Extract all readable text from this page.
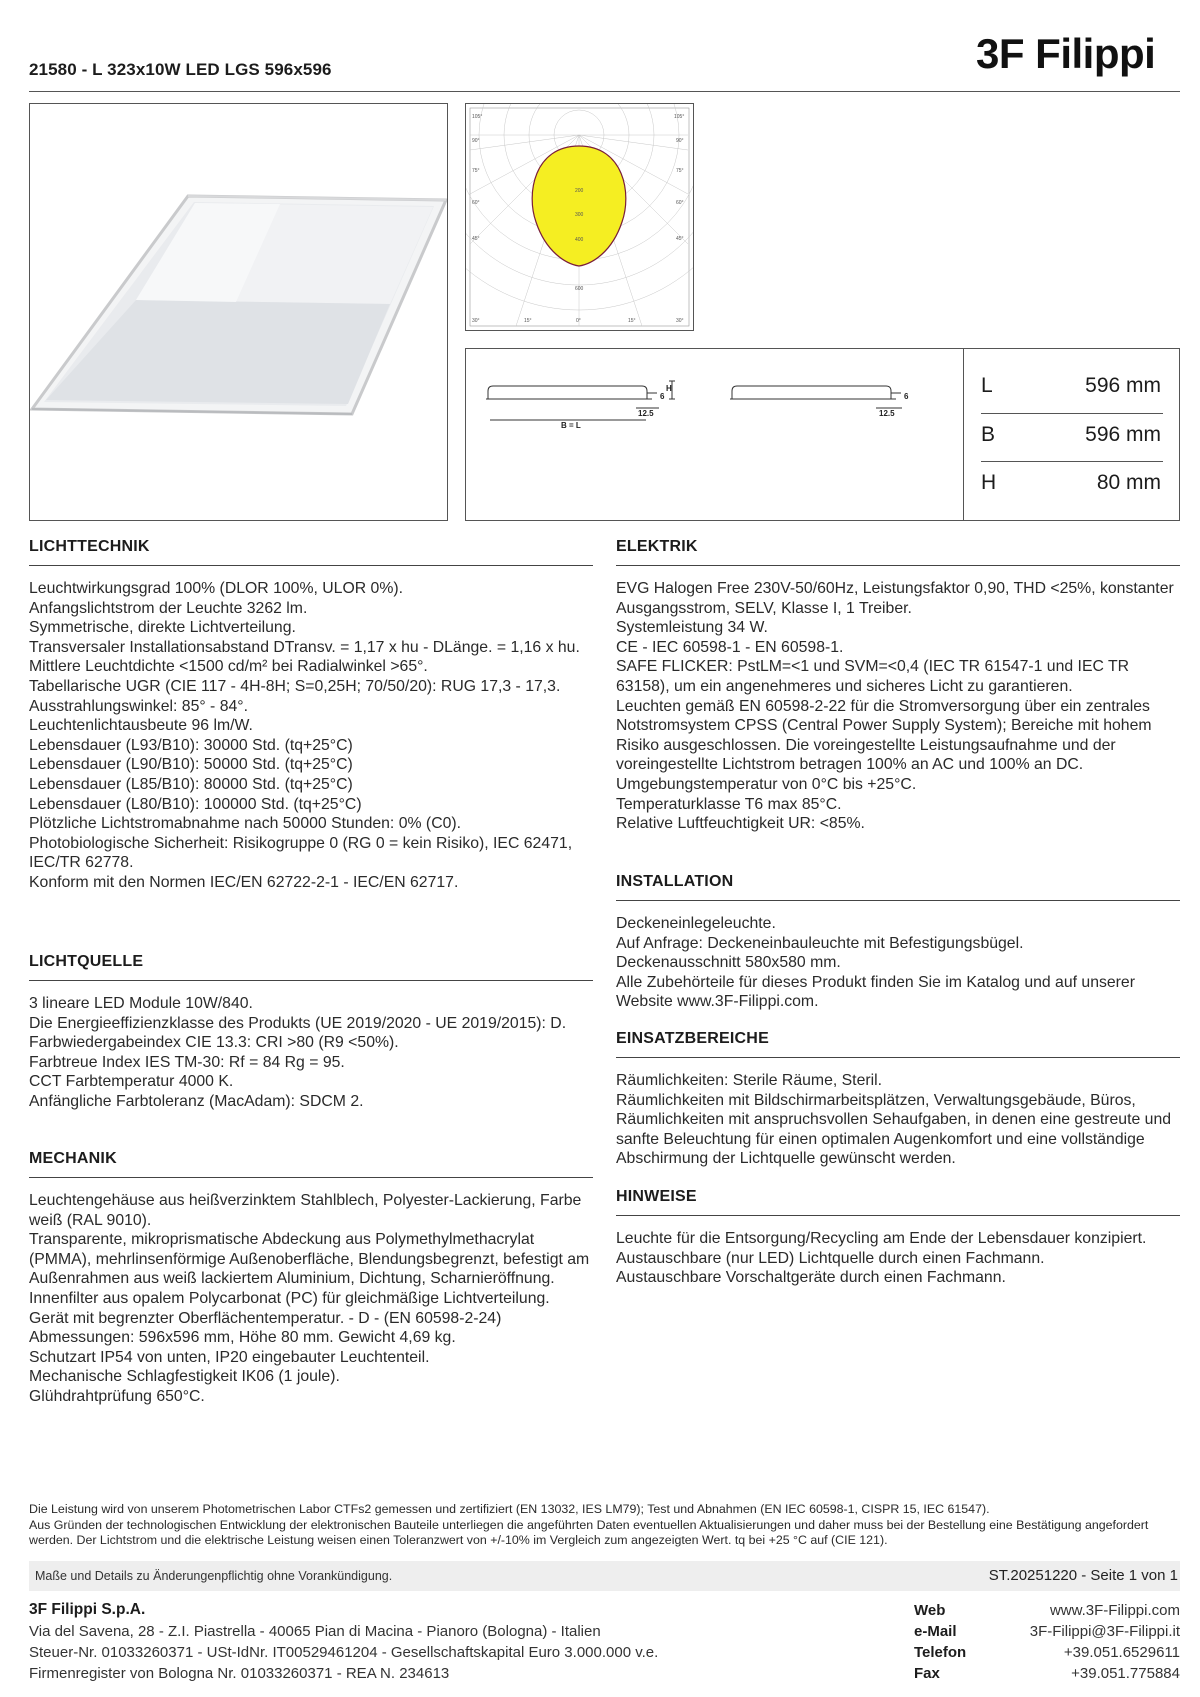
21580 - L 323x10W LED LGS 596x596	3F Filippi
105°	105°
90°
75°
60°
45°
90°
75°
60°
45°
200
300
400
600
30°	15°	0°	15°	30°
H
6
12.5
B = L
6
12.5
L	596 mm
B	596 mm
H	80 mm
LICHTTECHNIK
Leuchtwirkungsgrad 100% (DLOR 100%, ULOR 0%).
Anfangslichtstrom der Leuchte 3262 lm.
Symmetrische, direkte Lichtverteilung.
Transversaler Installationsabstand DTransv. = 1,17 x hu - DLänge. = 1,16 x hu.
Mittlere Leuchtdichte <1500 cd/m² bei Radialwinkel >65°.
Tabellarische UGR (CIE 117 - 4H-8H; S=0,25H; 70/50/20): RUG 17,3 - 17,3.
Ausstrahlungswinkel: 85° - 84°.
Leuchtenlichtausbeute 96 lm/W.
Lebensdauer (L93/B10): 30000 Std. (tq+25°C)
Lebensdauer (L90/B10): 50000 Std. (tq+25°C)
Lebensdauer (L85/B10): 80000 Std. (tq+25°C)
Lebensdauer (L80/B10): 100000 Std. (tq+25°C)
Plötzliche Lichtstromabnahme nach 50000 Stunden: 0% (C0).
Photobiologische Sicherheit: Risikogruppe 0 (RG 0 = kein Risiko), IEC 62471, IEC/TR 62778.
Konform mit den Normen IEC/EN 62722-2-1 - IEC/EN 62717.
LICHTQUELLE
3 lineare LED Module 10W/840.
Die Energieeffizienzklasse des Produkts (UE 2019/2020 - UE 2019/2015): D.
Farbwiedergabeindex CIE 13.3: CRI >80 (R9 <50%).
Farbtreue Index IES TM-30: Rf = 84 Rg = 95.
CCT Farbtemperatur 4000 K.
Anfängliche Farbtoleranz (MacAdam): SDCM 2.
MECHANIK
Leuchtengehäuse aus heißverzinktem Stahlblech, Polyester-Lackierung, Farbe weiß (RAL 9010).
Transparente, mikroprismatische Abdeckung aus Polymethylmethacrylat (PMMA), mehrlinsenförmige Außenoberfläche, Blendungsbegrenzt, befestigt am Außenrahmen aus weiß lackiertem Aluminium, Dichtung, Scharnieröffnung.
Innenfilter aus opalem Polycarbonat (PC) für gleichmäßige Lichtverteilung.
Gerät mit begrenzter Oberflächentemperatur. - D - (EN 60598-2-24)
Abmessungen: 596x596 mm, Höhe 80 mm. Gewicht 4,69 kg.
Schutzart IP54 von unten, IP20 eingebauter Leuchtenteil.
Mechanische Schlagfestigkeit IK06 (1 joule).
Glühdrahtprüfung 650°C.
ELEKTRIK
EVG Halogen Free 230V-50/60Hz, Leistungsfaktor 0,90, THD <25%, konstanter Ausgangsstrom, SELV, Klasse I, 1 Treiber.
Systemleistung 34 W.
CE - IEC 60598-1 - EN 60598-1.
SAFE FLICKER: PstLM=<1 und SVM=<0,4 (IEC TR 61547-1 und IEC TR 63158), um ein angenehmeres und sicheres Licht zu garantieren.
Leuchten gemäß EN 60598-2-22 für die Stromversorgung über ein zentrales Notstromsystem CPSS (Central Power Supply System); Bereiche mit hohem Risiko ausgeschlossen. Die voreingestellte Leistungsaufnahme und der voreingestellte Lichtstrom betragen 100% an AC und 100% an DC.
Umgebungstemperatur von 0°C bis +25°C.
Temperaturklasse T6 max 85°C.
Relative Luftfeuchtigkeit UR: <85%.
INSTALLATION
Deckeneinlegeleuchte.
Auf Anfrage: Deckeneinbauleuchte mit Befestigungsbügel.
Deckenausschnitt 580x580 mm.
Alle Zubehörteile für dieses Produkt finden Sie im Katalog und auf unserer Website www.3F-Filippi.com.
EINSATZBEREICHE
Räumlichkeiten: Sterile Räume, Steril.
Räumlichkeiten mit Bildschirmarbeitsplätzen, Verwaltungsgebäude, Büros, Räumlichkeiten mit anspruchsvollen Sehaufgaben, in denen eine gestreute und sanfte Beleuchtung für einen optimalen Augenkomfort und eine vollständige Abschirmung der Lichtquelle gewünscht werden.
HINWEISE
Leuchte für die Entsorgung/Recycling am Ende der Lebensdauer konzipiert.
Austauschbare (nur LED) Lichtquelle durch einen Fachmann.
Austauschbare Vorschaltgeräte durch einen Fachmann.
Die Leistung wird von unserem Photometrischen Labor CTFs2 gemessen und zertifiziert (EN 13032, IES LM79); Test und Abnahmen (EN IEC 60598-1, CISPR 15, IEC 61547).
Aus Gründen der technologischen Entwicklung der elektronischen Bauteile unterliegen die angeführten Daten eventuellen Aktualisierungen und daher muss bei der Bestellung eine Bestätigung angefordert werden. Der Lichtstrom und die elektrische Leistung weisen einen Toleranzwert von +/-10% im Vergleich zum angezeigten Wert. tq bei +25 °C auf (CIE 121).
Maße und Details zu Änderungenpflichtig ohne Vorankündigung.	ST.20251220 - Seite 1 von 1
3F Filippi S.p.A.
Via del Savena, 28 - Z.I. Piastrella - 40065 Pian di Macina - Pianoro (Bologna) - Italien
Steuer-Nr. 01033260371 - USt-IdNr. IT00529461204 - Gesellschaftskapital Euro 3.000.000 v.e.
Firmenregister von Bologna Nr. 01033260371 - REA N. 234613
Web	www.3F-Filippi.com
e-Mail	3F-Filippi@3F-Filippi.it
Telefon	+39.051.6529611
Fax	+39.051.775884
